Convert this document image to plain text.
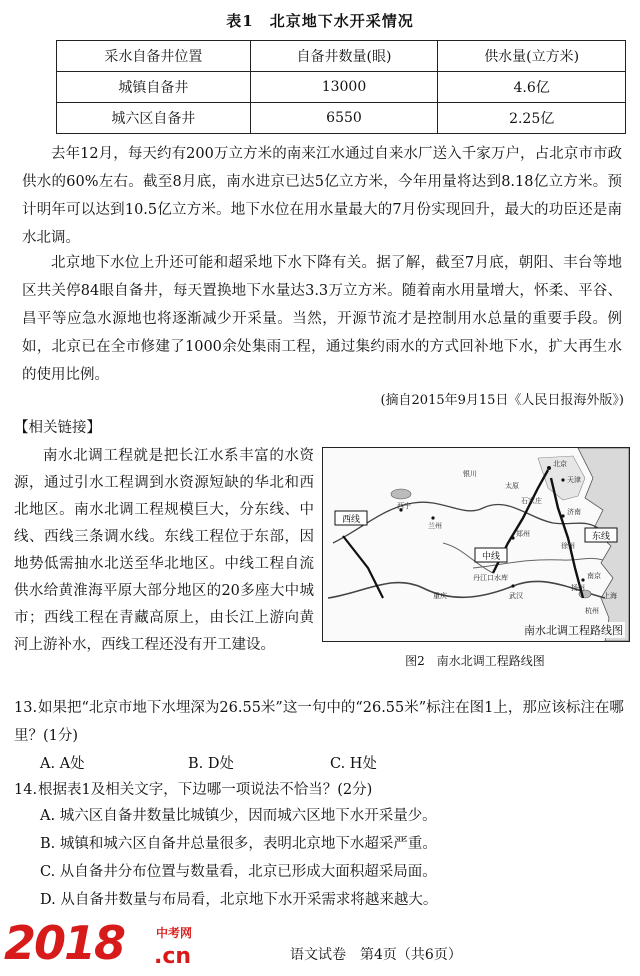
表1　北京地下水开采情况
采水自备井位置	自备井数量(眼)	供水量(立方米)
城镇自备井	13000	4.6亿
城六区自备井	6550	2.25亿

去年12月，每天约有200万立方米的南来江水通过自来水厂送入千家万户，占北京市市政供水的60%左右。截至8月底，南水进京已达5亿立方米，今年用量将达到8.18亿立方米。预计明年可以达到10.5亿立方米。地下水位在用水量最大的7月份实现回升，最大的功臣还是南水北调。

北京地下水位上升还可能和超采地下水下降有关。据了解，截至7月底，朝阳、丰台等地区共关停84眼自备井，每天置换地下水量达3.3万立方米。随着南水用量增大，怀柔、平谷、昌平等应急水源地也将逐渐减少开采量。当然，开源节流才是控制用水总量的重要手段。例如，北京已在全市修建了1000余处集雨工程，通过集约雨水的方式回补地下水，扩大再生水的使用比例。

(摘自2015年9月15日《人民日报海外版》)
【相关链接】

南水北调工程就是把长江水系丰富的水资源，通过引水工程调到水资源短缺的华北和西北地区。南水北调工程规模巨大，分东线、中线、西线三条调水线。东线工程位于东部，因地势低需抽水北送至华北地区。中线工程自流供水给黄淮海平原大部分地区的20多座大中城市；西线工程在青藏高原上，由长江上游向黄河上游补水，西线工程还没有开工建设。

西线
中线
东线
北京
天津
济南
郑州
南京
武汉
兰州
西宁
银川
太原
石家庄
徐州
扬州
杭州
重庆	上海
丹江口水库
南水北调工程路线图
图2　南水北调工程路线图

13.如果把“北京市地下水埋深为26.55米”这一句中的“26.55米”标注在图1上，那应该标注在哪里？(1分)

A. A处	B. D处	C. H处

14.根据表1及相关文字，下边哪一项说法不恰当？(2分)

A. 城六区自备井数量比城镇少，因而城六区地下水开采量少。
B. 城镇和城六区自备井总量很多，表明北京地下水超采严重。
C. 从自备井分布位置与数量看，北京已形成大面积超采局面。
D. 从自备井数量与布局看，北京地下水开采需求将越来越大。
2018	中考网
.cn	语文试卷　第4页（共6页）
